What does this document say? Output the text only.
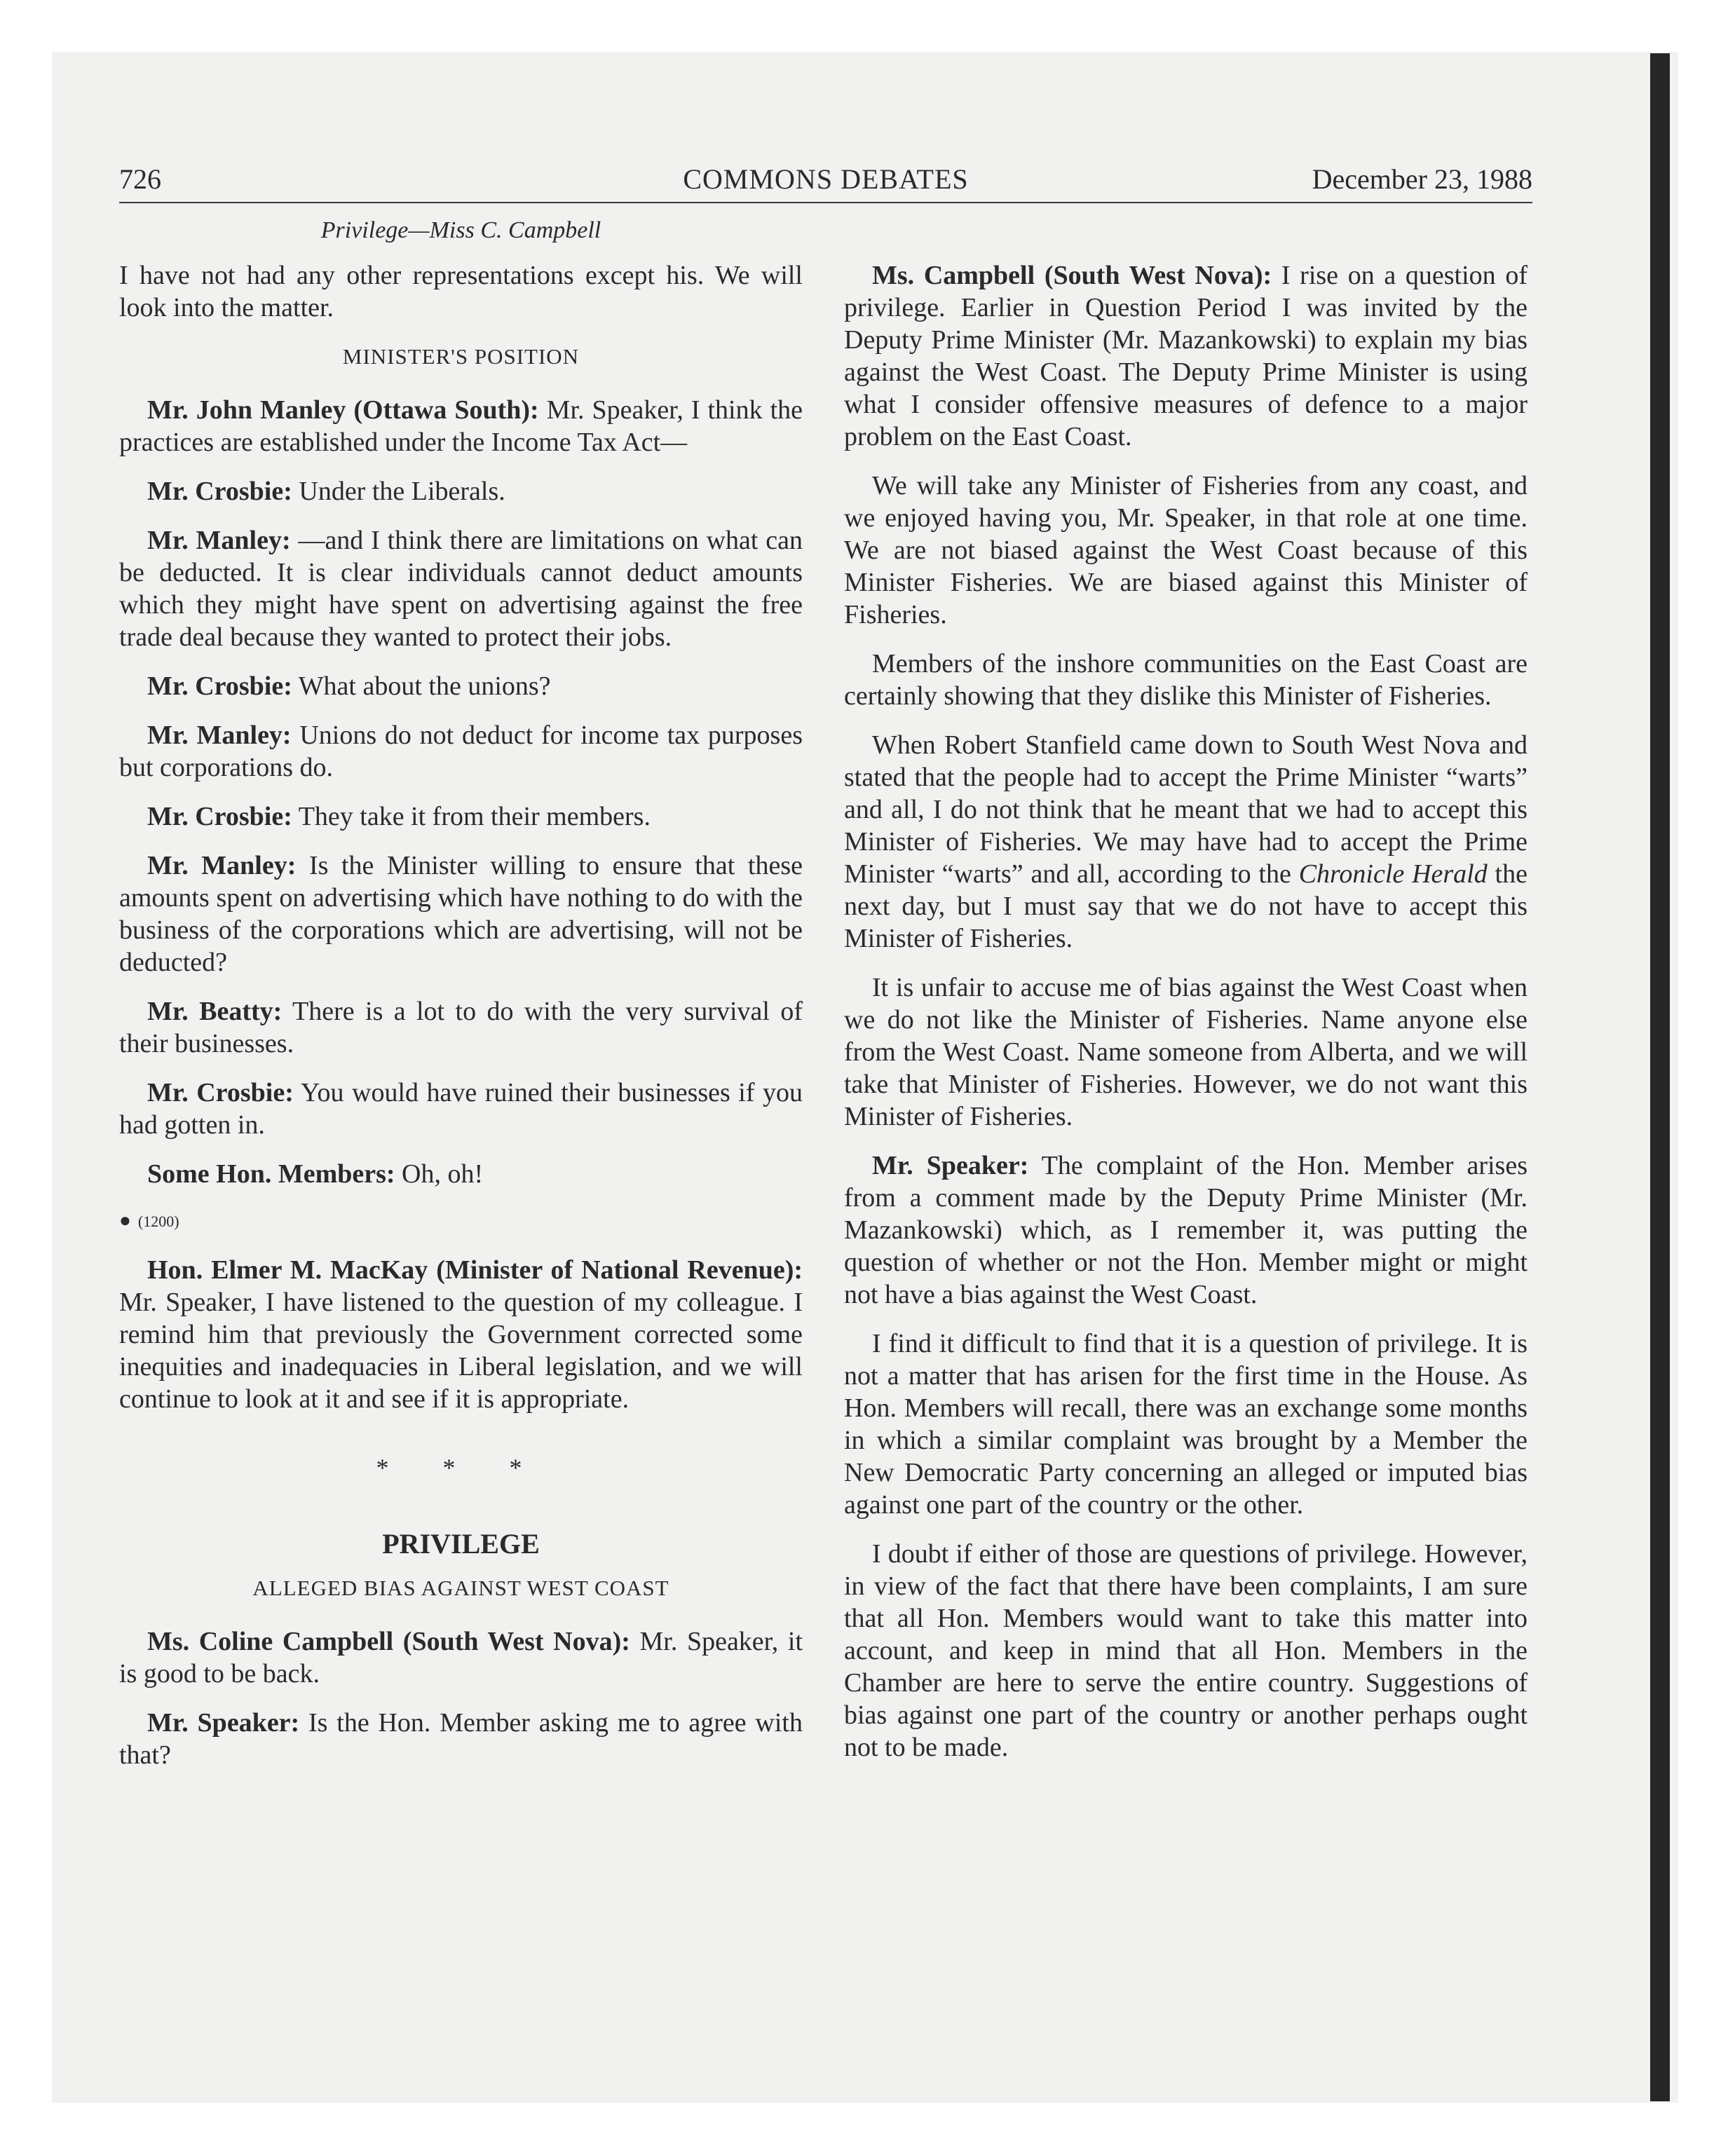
726	COMMONS DEBATES	December 23, 1988
Privilege—Miss C. Campbell

I have not had any other representations except his. We will look into the matter.

MINISTER'S POSITION

Mr. John Manley (Ottawa South): Mr. Speaker, I think the practices are established under the Income Tax Act—

Mr. Crosbie: Under the Liberals.

Mr. Manley: —and I think there are limitations on what can be deducted. It is clear individuals cannot deduct amounts which they might have spent on advertising against the free trade deal because they wanted to protect their jobs.

Mr. Crosbie: What about the unions?

Mr. Manley: Unions do not deduct for income tax purposes but corporations do.

Mr. Crosbie: They take it from their members.

Mr. Manley: Is the Minister willing to ensure that these amounts spent on advertising which have nothing to do with the business of the corporations which are advertising, will not be deducted?

Mr. Beatty: There is a lot to do with the very survival of their businesses.

Mr. Crosbie: You would have ruined their businesses if you had gotten in.

Some Hon. Members: Oh, oh!

● (1200)

Hon. Elmer M. MacKay (Minister of National Revenue): Mr. Speaker, I have listened to the question of my colleague. I remind him that previously the Government corrected some inequities and inadequacies in Liberal legislation, and we will continue to look at it and see if it is appropriate.

* * *
PRIVILEGE
ALLEGED BIAS AGAINST WEST COAST

Ms. Coline Campbell (South West Nova): Mr. Speaker, it is good to be back.

Mr. Speaker: Is the Hon. Member asking me to agree with that?

Ms. Campbell (South West Nova): I rise on a question of privilege. Earlier in Question Period I was invited by the Deputy Prime Minister (Mr. Mazankowski) to explain my bias against the West Coast. The Deputy Prime Minister is using what I consider offensive measures of defence to a major problem on the East Coast.

We will take any Minister of Fisheries from any coast, and we enjoyed having you, Mr. Speaker, in that role at one time. We are not biased against the West Coast because of this Minister Fisheries. We are biased against this Minister of Fisheries.

Members of the inshore communities on the East Coast are certainly showing that they dislike this Minister of Fisheries.

When Robert Stanfield came down to South West Nova and stated that the people had to accept the Prime Minister “warts” and all, I do not think that he meant that we had to accept this Minister of Fisheries. We may have had to accept the Prime Minister “warts” and all, according to the Chronicle Herald the next day, but I must say that we do not have to accept this Minister of Fisheries.

It is unfair to accuse me of bias against the West Coast when we do not like the Minister of Fisheries. Name anyone else from the West Coast. Name someone from Alberta, and we will take that Minister of Fisheries. However, we do not want this Minister of Fisheries.

Mr. Speaker: The complaint of the Hon. Member arises from a comment made by the Deputy Prime Minister (Mr. Mazankowski) which, as I remember it, was putting the question of whether or not the Hon. Member might or might not have a bias against the West Coast.

I find it difficult to find that it is a question of privilege. It is not a matter that has arisen for the first time in the House. As Hon. Members will recall, there was an exchange some months in which a similar complaint was brought by a Member the New Democratic Party concerning an alleged or imputed bias against one part of the country or the other.

I doubt if either of those are questions of privilege. However, in view of the fact that there have been complaints, I am sure that all Hon. Members would want to take this matter into account, and keep in mind that all Hon. Members in the Chamber are here to serve the entire country. Suggestions of bias against one part of the country or another perhaps ought not to be made.
